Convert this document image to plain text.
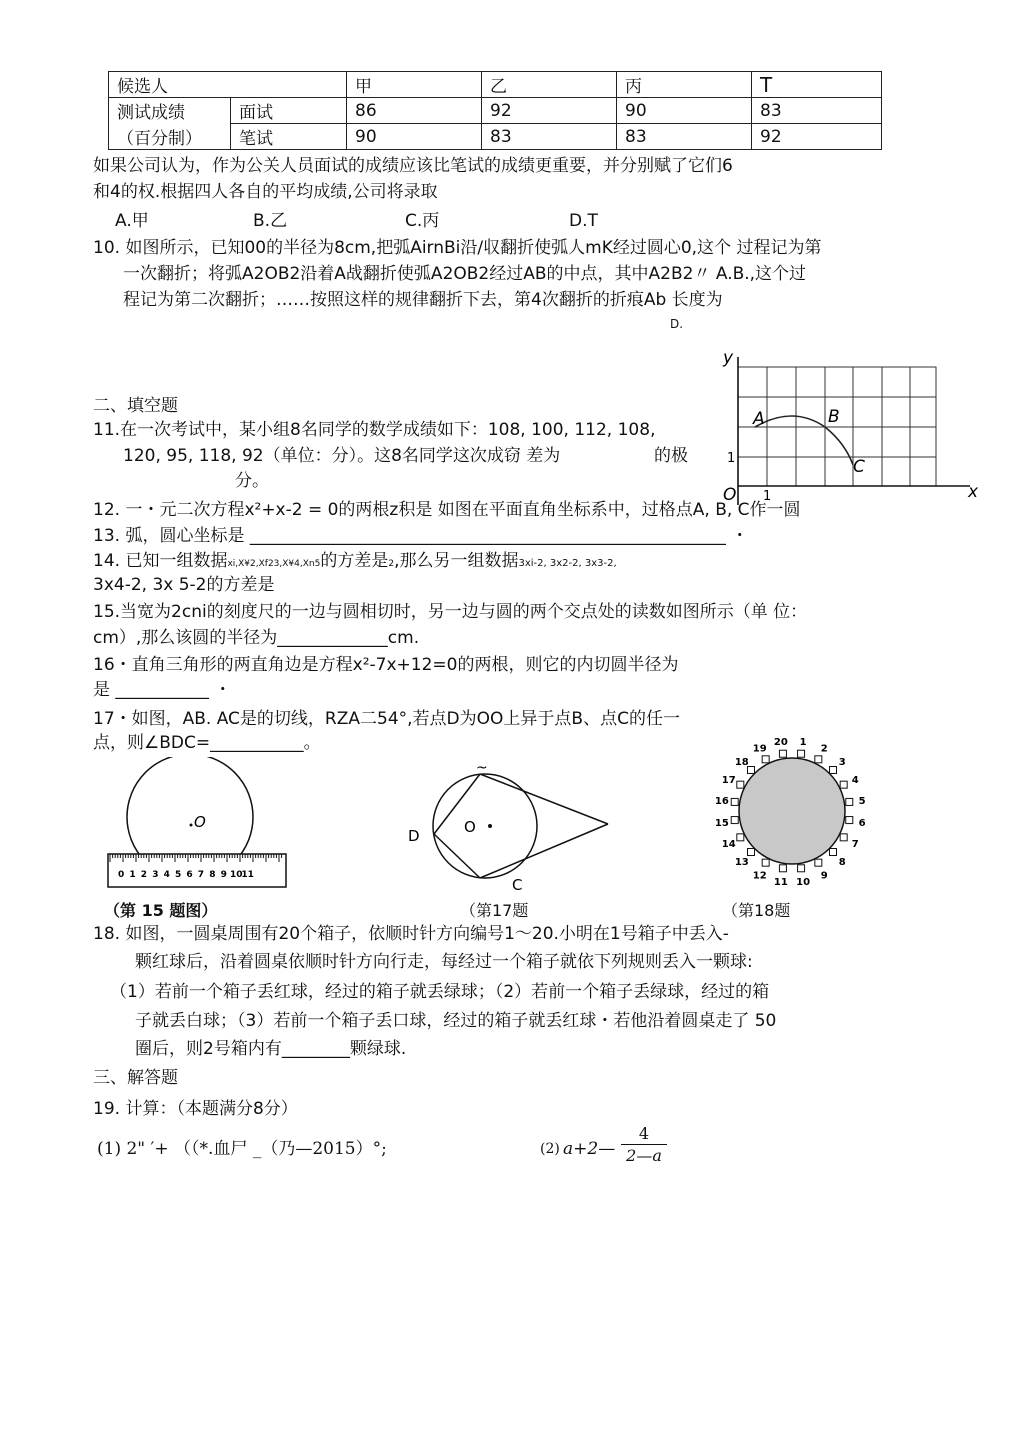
候选人		甲	乙	丙	T
测试成绩	面试	86	92	90	83
（百分制）	笔试	90	83	83	92
如果公司认为，作为公关人员面试的成绩应该比笔试的成绩更重要，并分别赋了它们6
和4的权.根据四人各自的平均成绩,公司将录取
A.甲	B.乙	C.丙	D.T
10. 如图所示，已知00的半径为8cm,把弧AirnBi沿/収翻折使弧人mK经过圆心0,这个 过程记为第
一次翻折；将弧A2OB2沿着A战翻折使弧A2OB2经过AB的中点，其中A2B2〃 A.B.,这个过
程记为第二次翻折；……按照这样的规律翻折下去，第4次翻折的折痕Ab 长度为
D.
二、填空题
11.在一次考试中，某小组8名同学的数学成绩如下：108, 100, 112, 108,
120, 95, 118, 92（单位：分）。这8名同学这次成窃 差为	的极
分。
12. 一・元二次方程x²+x-2 = 0的两根z积是 如图在平面直角坐标系中，过格点A, B, C作一圆
13. 弧，圆心坐标是 ________________________________________________________ ・
14. 已知一组数据xi,X¥2,Xf23,X¥4,Xn5的方差是2,那么另一组数据3xi-2, 3x2-2, 3x3-2,
3x4-2, 3x 5-2的方差是
15.当宽为2cni的刻度尺的一边与圆相切时，另一边与圆的两个交点处的读数如图所示（单 位：
cm）,那么该圆的半径为_____________cm.
16・直角三角形的两直角边是方程x²-7x+12=0的两根，则它的内切圆半径为
是 ___________ ・
17・如图，AB. AC是的切线，RZA二54°,若点D为OO上异于点B、点C的任一
点，则∠BDC=___________。
y
x
O 1
1
A	B
C
O
0 1 2 3 4 5 6 7 8 9 10
11
（第 15 题图）
O
D
C
~
（第17题
1
2
3
4
5
6
7
8
9
10
11
12
13
14
15
16
17
18
19
20
（第18题
18. 如图，一圆桌周围有20个箱子，依顺时针方向编号1～20.小明在1号箱子中丢入-
颗红球后，沿着圆桌依顺时针方向行走，每经过一个箱子就依下列规则丢入一颗球:
（1）若前一个箱子丢红球，经过的箱子就丢绿球；（2）若前一个箱子丢绿球，经过的箱
子就丢白球；（3）若前一个箱子丢口球，经过的箱子就丢红球・若他沿着圆桌走了 50
圈后，则2号箱内有________颗绿球.
三、解答题
19. 计算：（本题满分8分）
(1) 2" ′+ （（*.血尸 _（乃—2015）°;	(2) a+2— $\frac{4}{2—a}$
